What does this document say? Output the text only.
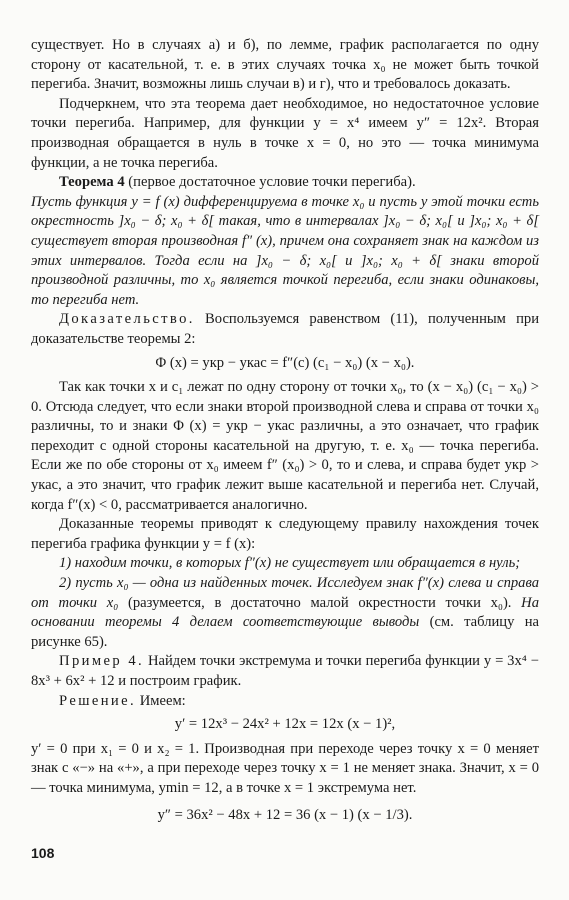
существует. Но в случаях а) и б), по лемме, график располагается по одну сторону от касательной, т. е. в этих случаях точка x₀ не может быть точкой перегиба. Значит, возможны лишь случаи в) и г), что и требовалось доказать.

Подчеркнем, что эта теорема дает необходимое, но недостаточное условие точки перегиба. Например, для функции y = x⁴ имеем y″ = 12x². Вторая производная обращается в нуль в точке x = 0, но это — точка минимума функции, а не точка перегиба.

Теорема 4 (первое достаточное условие точки перегиба).

Пусть функция y = f (x) дифференцируема в точке x₀ и пусть у этой точки есть окрестность ]x₀ − δ; x₀ + δ[ такая, что в интервалах ]x₀ − δ; x₀[ и ]x₀; x₀ + δ[ существует вторая производная f″ (x), причем она сохраняет знак на каждом из этих интервалов. Тогда если на ]x₀ − δ; x₀[ и ]x₀; x₀ + δ[ знаки второй производной различны, то x₀ является точкой перегиба, если знаки одинаковы, то перегиба нет.

Доказательство. Воспользуемся равенством (11), полученным при доказательстве теоремы 2:

Φ (x) = yкр − yкас = f″(c) (c₁ − x₀) (x − x₀).

Так как точки x и c₁ лежат по одну сторону от точки x₀, то (x − x₀) (c₁ − x₀) > 0. Отсюда следует, что если знаки второй производной слева и справа от точки x₀ различны, то и знаки Φ (x) = yкр − yкас различны, а это означает, что график переходит с одной стороны касательной на другую, т. е. x₀ — точка перегиба. Если же по обе стороны от x₀ имеем f″ (x₀) > 0, то и слева, и справа будет yкр > yкас, а это значит, что график лежит выше касательной и перегиба нет. Случай, когда f″(x) < 0, рассматривается аналогично.

Доказанные теоремы приводят к следующему правилу нахождения точек перегиба графика функции y = f (x):

1) находим точки, в которых f″(x) не существует или обращается в нуль;

2) пусть x₀ — одна из найденных точек. Исследуем знак f″(x) слева и справа от точки x₀ (разумеется, в достаточно малой окрестности точки x₀). На основании теоремы 4 делаем соответствующие выводы (см. таблицу на рисунке 65).

Пример 4. Найдем точки экстремума и точки перегиба функции y = 3x⁴ − 8x³ + 6x² + 12 и построим график.

Решение. Имеем:

y′ = 12x³ − 24x² + 12x = 12x (x − 1)²,

y′ = 0 при x₁ = 0 и x₂ = 1. Производная при переходе через точку x = 0 меняет знак с «−» на «+», а при переходе через точку x = 1 не меняет знака. Значит, x = 0 — точка минимума, ymin = 12, а в точке x = 1 экстремума нет.

y″ = 36x² − 48x + 12 = 36 (x − 1) (x − 1/3).

108
